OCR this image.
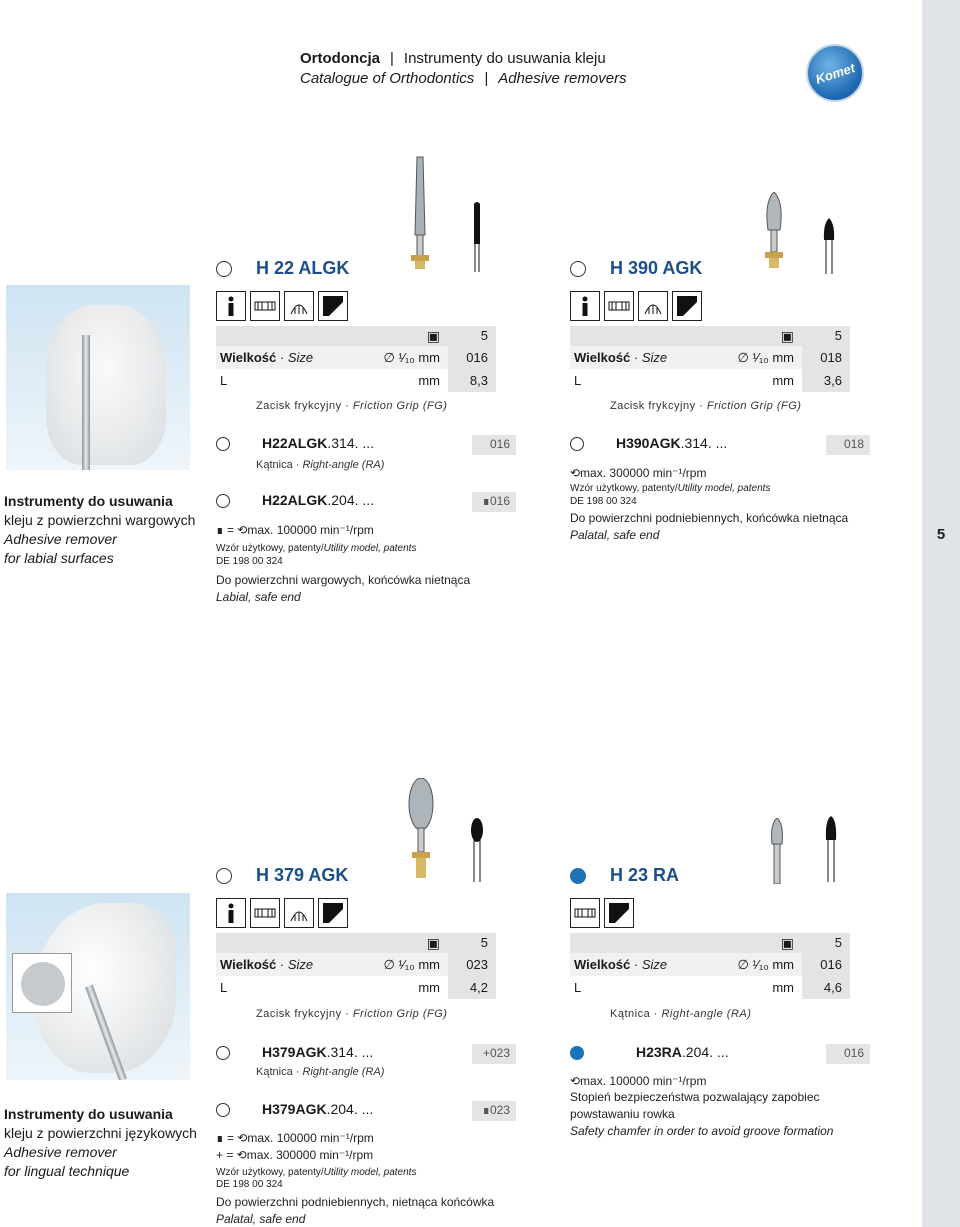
5
Ortodoncja | Instrumenty do usuwania kleju
Catalogue of Orthodontics | Adhesive removers	Komet
Instrumenty do usuwania
kleju z powierzchni wargowych
Adhesive remover
for labial surfaces
H 22 ALGK
▣	5
Wielkość · Size	∅ ¹⁄₁₀ mm	016
L	mm	8,3
Zacisk frykcyjny · Friction Grip (FG)
H22ALGK.314. ...	016
Kątnica · Right-angle (RA)
H22ALGK.204. ...	∎016
∎ = ⟲max. 100000 min⁻¹/rpm
Wzór użytkowy, patenty/Utility model, patents
DE 198 00 324
Do powierzchni wargowych, końcówka nietnąca
Labial, safe end
H 390 AGK
▣	5
Wielkość · Size	∅ ¹⁄₁₀ mm	018
L	mm	3,6
Zacisk frykcyjny · Friction Grip (FG)
H390AGK.314. ...	018
⟲max. 300000 min⁻¹/rpm
Wzór użytkowy, patenty/Utility model, patents
DE 198 00 324
Do powierzchni podniebiennych, końcówka nietnąca
Palatal, safe end
Instrumenty do usuwania
kleju z powierzchni językowych
Adhesive remover
for lingual technique
H 379 AGK
▣	5
Wielkość · Size	∅ ¹⁄₁₀ mm	023
L	mm	4,2
Zacisk frykcyjny · Friction Grip (FG)
H379AGK.314. ...	+023
Kątnica · Right-angle (RA)
H379AGK.204. ...	∎023
∎ = ⟲max. 100000 min⁻¹/rpm
+ = ⟲max. 300000 min⁻¹/rpm
Wzór użytkowy, patenty/Utility model, patents
DE 198 00 324
Do powierzchni podniebiennych, nietnąca końcówka
Palatal, safe end
H 23 RA
▣	5
Wielkość · Size	∅ ¹⁄₁₀ mm	016
L	mm	4,6
Kątnica · Right-angle (RA)
H23RA.204. ...	016
⟲max. 100000 min⁻¹/rpm
Stopień bezpieczeństwa pozwalający zapobiec
powstawaniu rowka
Safety chamfer in order to avoid groove formation
